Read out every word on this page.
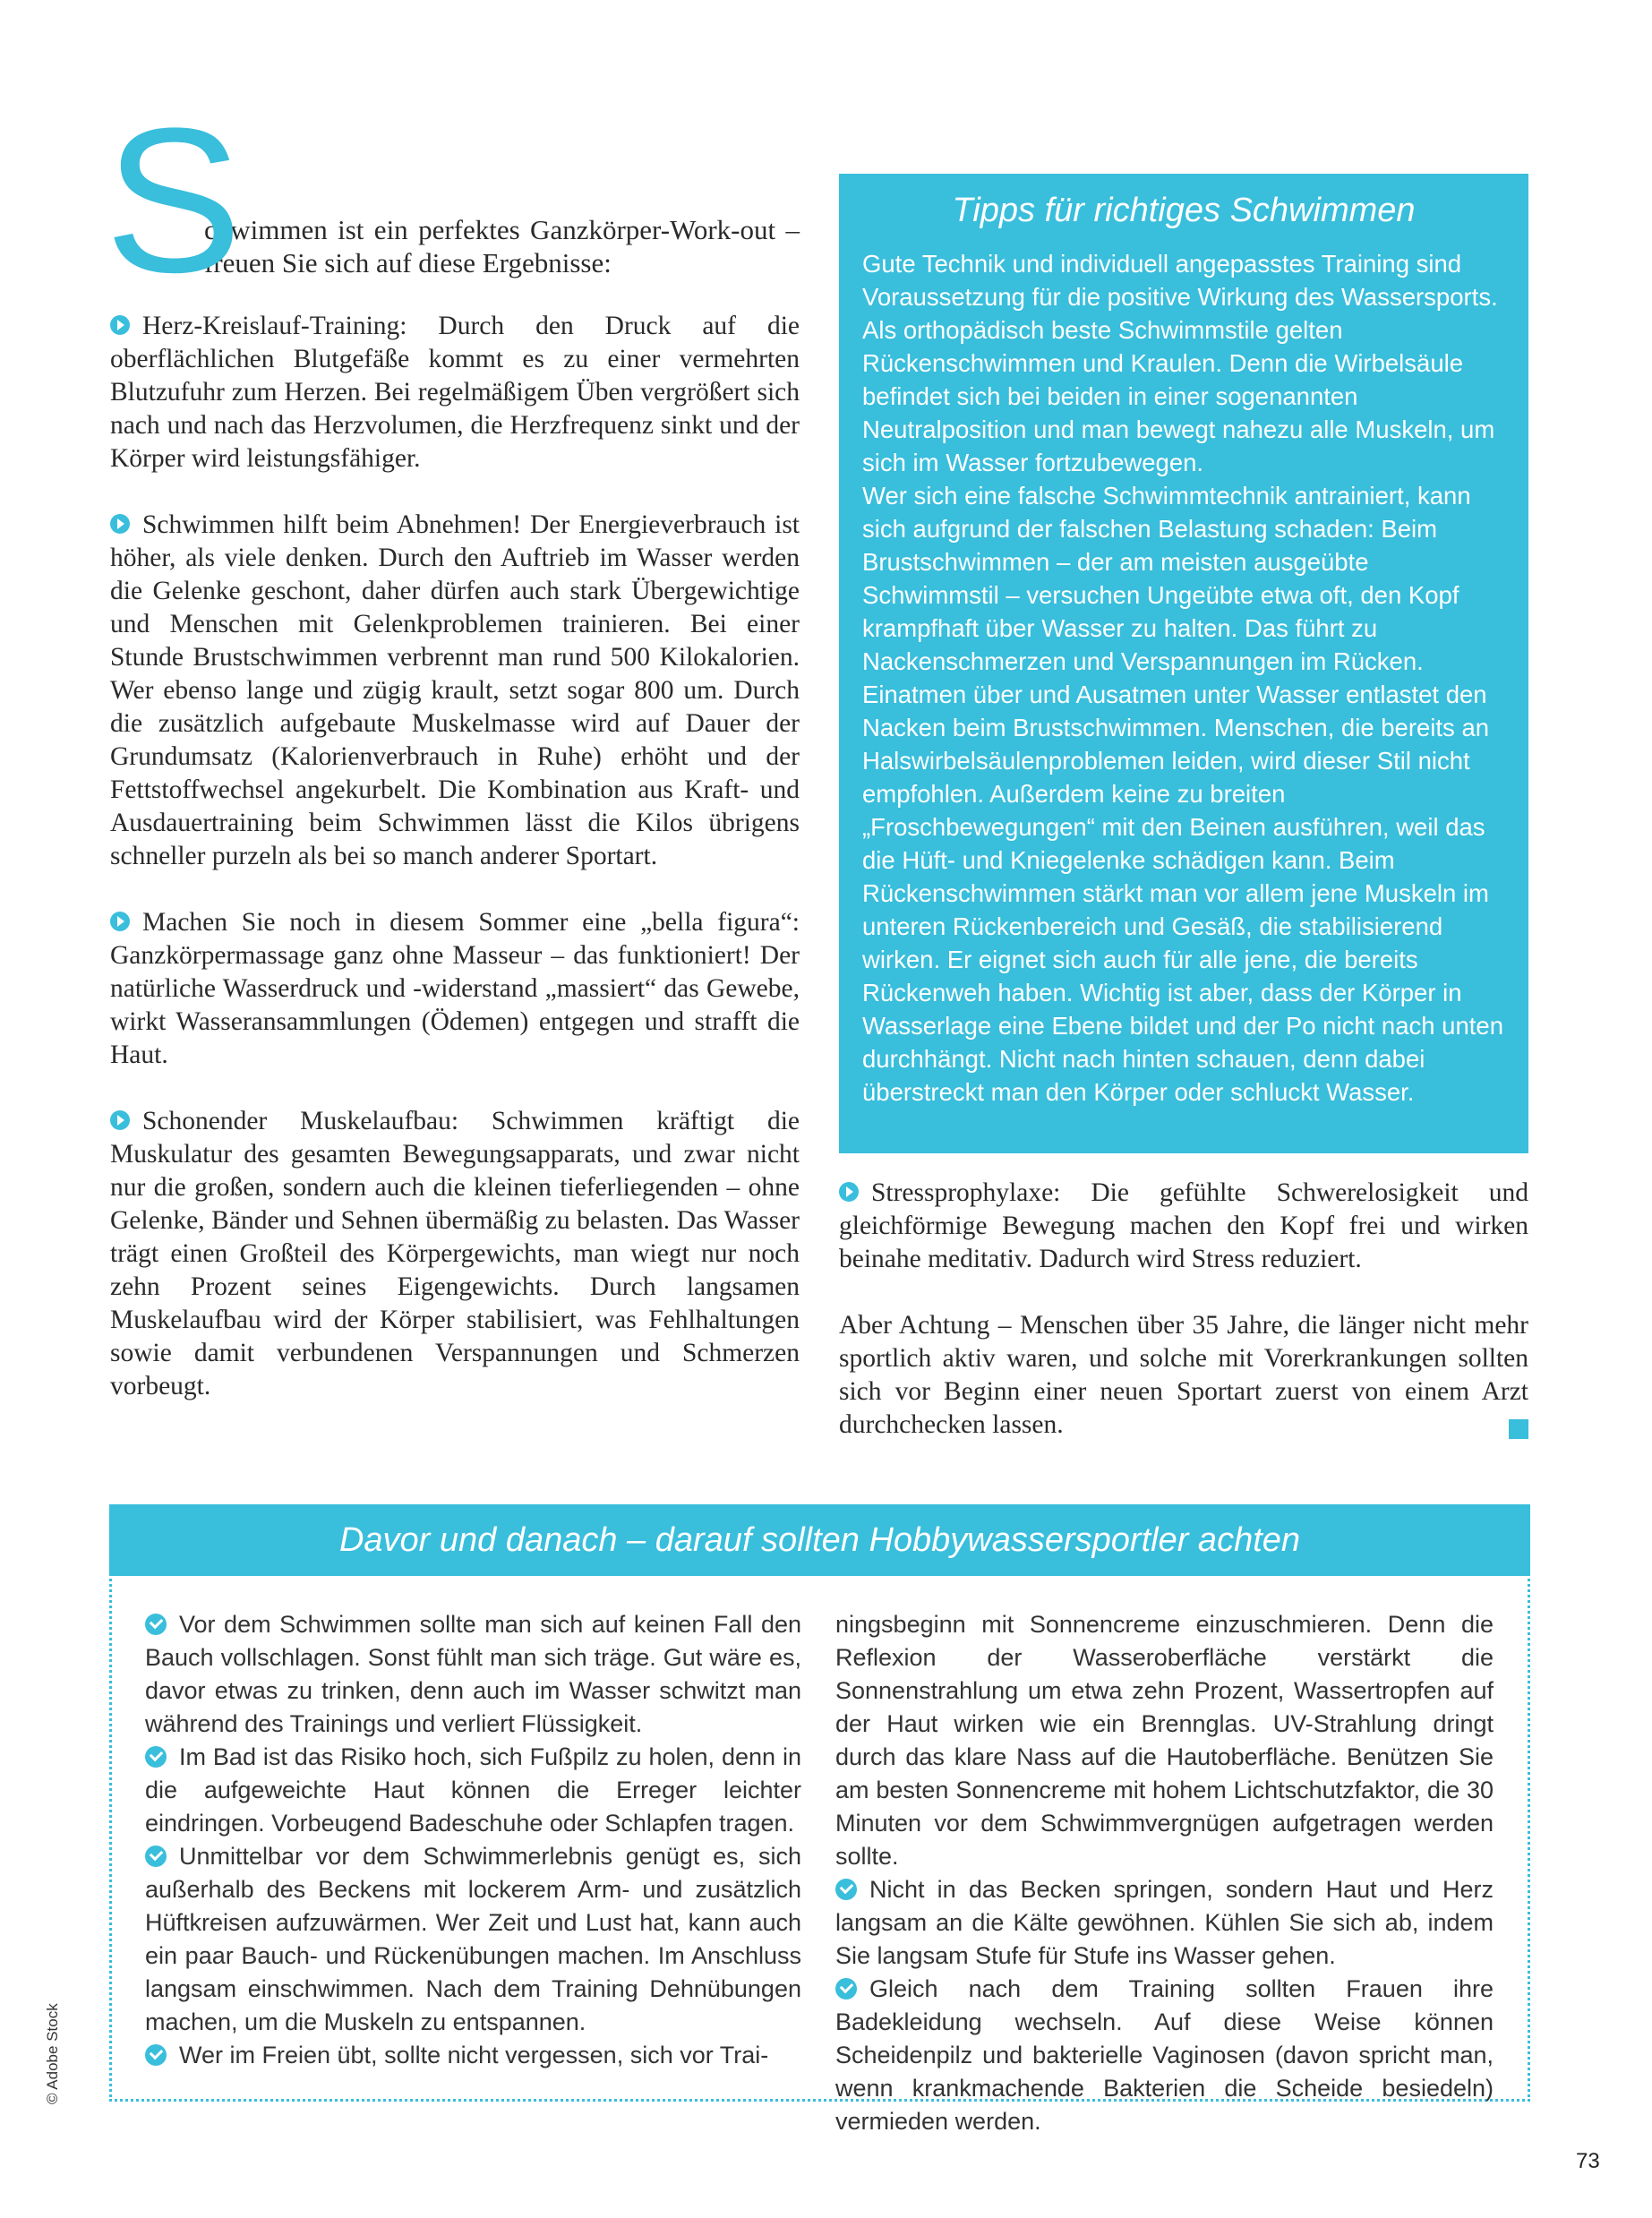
S
chwimmen ist ein perfektes Ganzkörper-Work-out – freuen Sie sich auf diese Ergebnisse:

Herz-Kreislauf-Training: Durch den Druck auf die oberflächlichen Blutgefäße kommt es zu einer vermehrten Blutzufuhr zum Herzen. Bei regelmäßigem Üben vergrößert sich nach und nach das Herzvolumen, die Herzfrequenz sinkt und der Körper wird leistungsfähiger.

Schwimmen hilft beim Abnehmen! Der Energieverbrauch ist höher, als viele denken. Durch den Auftrieb im Wasser werden die Gelenke geschont, daher dürfen auch stark Übergewichtige und Menschen mit Gelenkproblemen trainieren. Bei einer Stunde Brustschwimmen verbrennt man rund 500 Kilokalorien. Wer ebenso lange und zügig krault, setzt sogar 800 um. Durch die zusätzlich aufgebaute Muskelmasse wird auf Dauer der Grundumsatz (Kalorienverbrauch in Ruhe) erhöht und der Fettstoffwechsel angekurbelt. Die Kombination aus Kraft- und Ausdauertraining beim Schwimmen lässt die Kilos übrigens schneller purzeln als bei so manch anderer Sportart.

Machen Sie noch in diesem Sommer eine „bella figura“: Ganzkörpermassage ganz ohne Masseur – das funktioniert! Der natürliche Wasserdruck und -widerstand „massiert“ das Gewebe, wirkt Wasseransammlungen (Ödemen) entgegen und strafft die Haut.

Schonender Muskelaufbau: Schwimmen kräftigt die Muskulatur des gesamten Bewegungsapparats, und zwar nicht nur die großen, sondern auch die kleinen tieferliegenden – ohne Gelenke, Bänder und Sehnen übermäßig zu belasten. Das Wasser trägt einen Großteil des Körpergewichts, man wiegt nur noch zehn Prozent seines Eigengewichts. Durch langsamen Muskelaufbau wird der Körper stabilisiert, was Fehlhaltungen sowie damit verbundenen Verspannungen und Schmerzen vorbeugt.

Tipps für richtiges Schwimmen

Gute Technik und individuell angepasstes Training sind Voraussetzung für die positive Wirkung des Wassersports. Als orthopädisch beste Schwimmstile gelten Rückenschwimmen und Kraulen. Denn die Wirbelsäule befindet sich bei beiden in einer sogenannten Neutralposition und man bewegt nahezu alle Muskeln, um sich im Wasser fortzubewegen.

Wer sich eine falsche Schwimmtechnik antrainiert, kann sich aufgrund der falschen Belastung schaden: Beim Brustschwimmen – der am meisten ausgeübte Schwimmstil – versuchen Ungeübte etwa oft, den Kopf krampfhaft über Wasser zu halten. Das führt zu Nackenschmerzen und Verspannungen im Rücken. Einatmen über und Ausatmen unter Wasser entlastet den Nacken beim Brustschwimmen. Menschen, die bereits an Halswirbelsäulenproblemen leiden, wird dieser Stil nicht empfohlen. Außerdem keine zu breiten „Froschbewegungen“ mit den Beinen ausführen, weil das die Hüft- und Kniegelenke schädigen kann. Beim Rückenschwimmen stärkt man vor allem jene Muskeln im unteren Rückenbereich und Gesäß, die stabilisierend wirken. Er eignet sich auch für alle jene, die bereits Rückenweh haben. Wichtig ist aber, dass der Körper in Wasserlage eine Ebene bildet und der Po nicht nach unten durchhängt. Nicht nach hinten schauen, denn dabei überstreckt man den Körper oder schluckt Wasser.

Stressprophylaxe: Die gefühlte Schwerelosigkeit und gleichförmige Bewegung machen den Kopf frei und wirken beinahe meditativ. Dadurch wird Stress reduziert.

Aber Achtung – Menschen über 35 Jahre, die länger nicht mehr sportlich aktiv waren, und solche mit Vorerkrankungen sollten sich vor Beginn einer neuen Sportart zuerst von einem Arzt durchchecken lassen.

Davor und danach – darauf sollten Hobbywassersportler achten

Vor dem Schwimmen sollte man sich auf keinen Fall den Bauch vollschlagen. Sonst fühlt man sich träge. Gut wäre es, davor etwas zu trinken, denn auch im Wasser schwitzt man während des Trainings und verliert Flüssigkeit.

Im Bad ist das Risiko hoch, sich Fußpilz zu holen, denn in die aufgeweichte Haut können die Erreger leichter eindringen. Vorbeugend Badeschuhe oder Schlapfen tragen.

Unmittelbar vor dem Schwimmerlebnis genügt es, sich außerhalb des Beckens mit lockerem Arm- und zusätzlich Hüftkreisen aufzuwärmen. Wer Zeit und Lust hat, kann auch ein paar Bauch- und Rückenübungen machen. Im Anschluss langsam einschwimmen. Nach dem Training Dehnübungen machen, um die Muskeln zu entspannen.

Wer im Freien übt, sollte nicht vergessen, sich vor Trai-

ningsbeginn mit Sonnencreme einzuschmieren. Denn die Reflexion der Wasseroberfläche verstärkt die Sonnenstrahlung um etwa zehn Prozent, Wassertropfen auf der Haut wirken wie ein Brennglas. UV-Strahlung dringt durch das klare Nass auf die Hautoberfläche. Benützen Sie am besten Sonnencreme mit hohem Lichtschutzfaktor, die 30 Minuten vor dem Schwimmvergnügen aufgetragen werden sollte.

Nicht in das Becken springen, sondern Haut und Herz langsam an die Kälte gewöhnen. Kühlen Sie sich ab, indem Sie langsam Stufe für Stufe ins Wasser gehen.

Gleich nach dem Training sollten Frauen ihre Badekleidung wechseln. Auf diese Weise können Scheidenpilz und bakterielle Vaginosen (davon spricht man, wenn krankmachende Bakterien die Scheide besiedeln) vermieden werden.

© Adobe Stock
73
